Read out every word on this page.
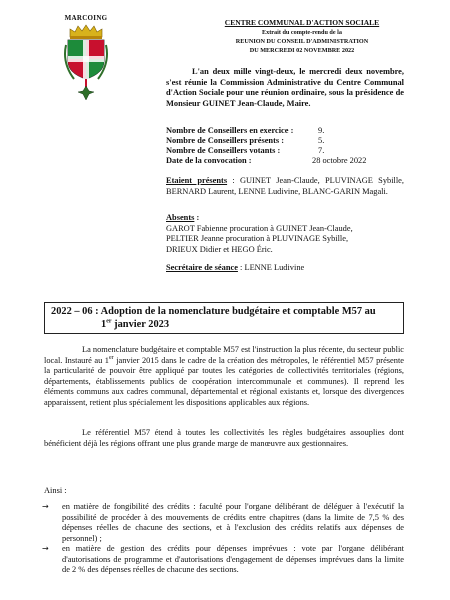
MARCOING	CENTRE COMMUNAL D'ACTION SOCIALE
Extrait du compte-rendu de la
REUNION DU CONSEIL D'ADMINISTRATION
DU MERCREDI 02 NOVEMBRE 2022
L'an deux mille vingt-deux, le mercredi deux novembre, s'est réunie la Commission Administrative du Centre Communal d'Action Sociale pour une réunion ordinaire, sous la présidence de Monsieur GUINET Jean-Claude, Maire.
Nombre de Conseillers en exercice :	9.
Nombre de Conseillers présents :	5.
Nombre de Conseillers votants :	7.
Date de la convocation :	28 octobre 2022
Etaient présents : GUINET Jean-Claude, PLUVINAGE Sybille, BERNARD Laurent, LENNE Ludivine, BLANC-GARIN Magali.
Absents :
GAROT Fabienne procuration à GUINET Jean-Claude,
PELTIER Jeanne procuration à PLUVINAGE Sybille,
DRIEUX Didier et HEGO Éric.
Secrétaire de séance : LENNE Ludivine
2022 – 06 : Adoption de la nomenclature budgétaire et comptable M57 au
1er janvier 2023
La nomenclature budgétaire et comptable M57 est l'instruction la plus récente, du secteur public local. Instauré au 1er janvier 2015 dans le cadre de la création des métropoles, le référentiel M57 présente la particularité de pouvoir être appliqué par toutes les catégories de collectivités territoriales (régions, départements, établissements publics de coopération intercommunale et communes). Il reprend les éléments communs aux cadres communal, départemental et régional existants et, lorsque des divergences apparaissent, retient plus spécialement les dispositions applicables aux régions.
Le référentiel M57 étend à toutes les collectivités les règles budgétaires assouplies dont bénéficient déjà les régions offrant une plus grande marge de manœuvre aux gestionnaires.
Ainsi :
→ en matière de fongibilité des crédits : faculté pour l'organe délibérant de déléguer à l'exécutif la possibilité de procéder à des mouvements de crédits entre chapitres (dans la limite de 7,5 % des dépenses réelles de chacune des sections, et à l'exclusion des crédits relatifs aux dépenses de personnel) ;
→ en matière de gestion des crédits pour dépenses imprévues : vote par l'organe délibérant d'autorisations de programme et d'autorisations d'engagement de dépenses imprévues dans la limite de 2 % des dépenses réelles de chacune des sections.
